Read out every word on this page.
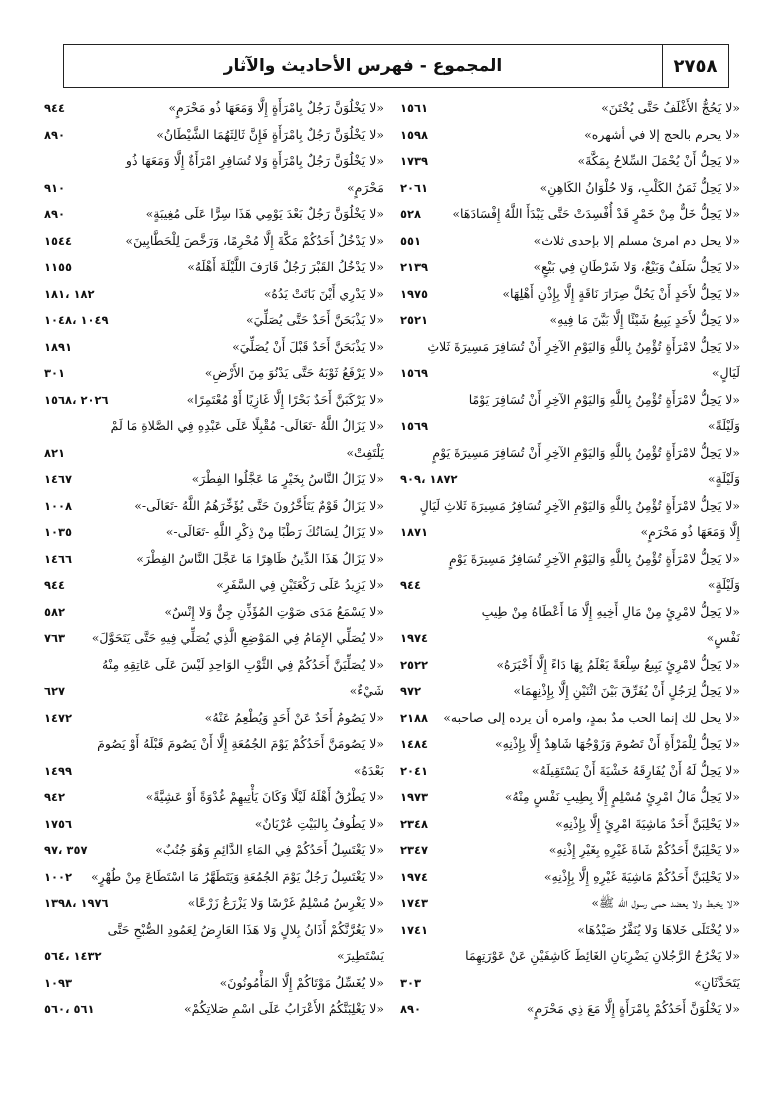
٢٧٥٨
المجموع - فهرس الأحاديث والآثار
«لا يَحُجُّ الأَغْلَفُ حَتَّى يُخْتَنَ»
١٥٦١
«لا يحرم بالحج إلا في أشهره»
١٥٩٨
«لا يَحِلُّ أَنْ يُحْمَلَ السِّلاحُ بِمَكَّةَ»
١٧٣٩
«لا يَحِلُّ ثَمَنُ الكَلْبِ، وَلا حُلْوَانُ الكَاهِنِ»
٢٠٦١
«لا يَحِلُّ خَلٌّ مِنْ خَمْرٍ قَدْ أُفْسِدَتْ حَتَّى يَبْدَأَ اللَّهُ إِفْسَادَهَا»
٥٢٨
«لا يحل دم امرئ مسلم إلا بإحدى ثلاث»
٥٥١
«لا يَحِلُّ سَلَفٌ وَبَيْعٌ، وَلا شَرْطَانِ فِي بَيْعٍ»
٢١٣٩
«لا يَحِلُّ لأَحَدٍ أَنْ يَحُلَّ صِرَارَ نَاقَةٍ إِلَّا بِإِذْنِ أَهْلِهَا»
١٩٧٥
«لا يَحِلُّ لأَحَدٍ يَبِيعُ شَيْئًا إِلَّا بَيَّنَ مَا فِيهِ»
٢٥٢١
«لا يَحِلُّ لامْرَأَةٍ تُؤْمِنُ بِاللَّهِ وَاليَوْمِ الآخِرِ أَنْ تُسَافِرَ مَسِيرَةَ ثَلاثِ
لَيَالٍ»
١٥٦٩
«لا يَحِلُّ لامْرَأَةٍ تُؤْمِنُ بِاللَّهِ وَاليَوْمِ الآخِرِ أَنْ تُسَافِرَ يَوْمًا
وَلَيْلَةً»
١٥٦٩
«لا يَحِلُّ لامْرَأَةٍ تُؤْمِنُ بِاللَّهِ وَاليَوْمِ الآخِرِ أَنْ تُسَافِرَ مَسِيرَةَ يَوْمٍ
وَلَيْلَةٍ»
١٨٧٢ ،٩٠٩
«لا يَحِلُّ لامْرَأَةٍ تُؤْمِنُ بِاللَّهِ وَاليَوْمِ الآخِرِ تُسَافِرُ مَسِيرَةَ ثَلاثِ لَيَالٍ
إِلَّا وَمَعَهَا ذُو مَحْرَمٍ»
١٨٧١
«لا يَحِلُّ لامْرَأَةٍ تُؤْمِنُ بِاللَّهِ وَاليَوْمِ الآخِرِ تُسَافِرُ مَسِيرَةَ يَوْمٍ
وَلَيْلَةٍ»
٩٤٤
«لا يَحِلُّ لامْرِئٍ مِنْ مَالِ أَخِيهِ إِلَّا مَا أَعْطَاهُ مِنْ طِيبِ
نَفْسٍ»
١٩٧٤
«لا يَحِلُّ لامْرِئٍ يَبِيعُ سِلْعَةً يَعْلَمُ بِهَا دَاءً إِلَّا أَخْبَرَهُ»
٢٥٢٢
«لا يَحِلُّ لِرَجُلٍ أَنْ يُفَرِّقَ بَيْنَ اثْنَيْنِ إِلَّا بِإِذْنِهِمَا»
٩٧٢
«لا يحل لك إنما الحب مدٌ بمدٍ، وامره أن يرده إلى صاحبه»
٢١٨٨
«لا يَحِلُّ لِلْمَرْأَةِ أَنْ تَصُومَ وَزَوْجُهَا شَاهِدٌ إِلَّا بِإِذْنِهِ»
١٤٨٤
«لا يَحِلُّ لَهُ أَنْ يُفَارِقَهُ خَشْيَةَ أَنْ يَسْتَقِيلَهُ»
٢٠٤١
«لا يَحِلُّ مَالُ امْرِئٍ مُسْلِمٍ إِلَّا بِطِيبِ نَفْسٍ مِنْهُ»
١٩٧٣
«لا يَحْلِبَنَّ أَحَدٌ مَاشِيَةَ امْرِئٍ إِلَّا بِإِذْنِهِ»
٢٣٤٨
«لا يَحْلِبَنَّ أَحَدُكُمْ شَاةَ غَيْرِهِ بِغَيْرِ إِذْنِهِ»
٢٣٤٧
«لا يَحْلِبَنَّ أَحَدُكُمْ مَاشِيَةَ غَيْرِهِ إِلَّا بِإِذْنِهِ»
١٩٧٤
«لا يخبط ولا يعضد حمى رسول الله ﷺ»
١٧٤٣
«لا يُخْتَلَى خَلاهَا وَلا يُنَفَّرُ صَيْدُهَا»
١٧٤١
«لا يَخْرُجُ الرَّجُلانِ يَضْرِبَانِ الغَائِطَ كَاشِفَيْنِ عَنْ عَوْرَتِهِمَا
يَتَحَدَّثَانِ»
٣٠٣
«لا يَخْلُوَنَّ أَحَدُكُمْ بِامْرَأَةٍ إِلَّا مَعَ ذِي مَحْرَمٍ»
٨٩٠
«لا يَخْلُوَنَّ رَجُلٌ بِامْرَأَةٍ إِلَّا وَمَعَهَا ذُو مَحْرَمٍ»
٩٤٤
«لا يَخْلُوَنَّ رَجُلٌ بِامْرَأَةٍ فَإِنَّ ثَالِثَهُمَا الشَّيْطَانُ»
٨٩٠
«لا يَخْلُوَنَّ رَجُلٌ بِامْرَأَةٍ وَلا تُسَافِرِ امْرَأَةٌ إِلَّا وَمَعَهَا ذُو
مَحْرَمٍ»
٩١٠
«لا يَخْلُوَنَّ رَجُلٌ بَعْدَ يَوْمِي هَذَا سِرًّا عَلَى مُغِيبَةٍ»
٨٩٠
«لا يَدْخُلُ أَحَدُكُمْ مَكَّةَ إِلَّا مُحْرِمًا، وَرَخَّصَ لِلْحَطَّابِينَ»
١٥٤٤
«لا يَدْخُلُ القَبْرَ رَجُلٌ قَارَفَ اللَّيْلَةَ أَهْلَهُ»
١١٥٥
«لا يَدْرِي أَيْنَ بَاتَتْ يَدُهُ»
١٨٢ ،١٨١
«لا يَذْبَحَنَّ أَحَدٌ حَتَّى يُصَلِّيَ»
١٠٤٩ ،١٠٤٨
«لا يَذْبَحَنَّ أَحَدٌ قَبْلَ أَنْ يُصَلِّيَ»
١٨٩١
«لا يَرْفَعُ ثَوْبَهُ حَتَّى يَدْنُوَ مِنَ الأَرْضِ»
٣٠١
«لا يَرْكَبَنَّ أَحَدٌ بَحْرًا إِلَّا غَازِيًا أَوْ مُعْتَمِرًا»
٢٠٢٦ ،١٥٦٨
«لا يَزَالُ اللَّهُ -تَعَالَى- مُقْبِلًا عَلَى عَبْدِهِ فِي الصَّلاةِ مَا لَمْ
يَلْتَفِتْ»
٨٢١
«لا يَزَالُ النَّاسُ بِخَيْرٍ مَا عَجَّلُوا الفِطْرَ»
١٤٦٧
«لا يَزَالُ قَوْمٌ يَتَأَخَّرُونَ حَتَّى يُؤَخِّرَهُمُ اللَّهُ -تَعَالَى-»
١٠٠٨
«لا يَزَالُ لِسَانُكَ رَطْبًا مِنْ ذِكْرِ اللَّهِ -تَعَالَى-»
١٠٣٥
«لا يَزَالُ هَذَا الدِّينُ ظَاهِرًا مَا عَجَّلَ النَّاسُ الفِطْرَ»
١٤٦٦
«لا يَزِيدُ عَلَى رَكْعَتَيْنِ فِي السَّفَرِ»
٩٤٤
«لا يَسْمَعُ مَدَى صَوْتِ المُؤَذِّنِ جِنٌّ وَلا إِنْسٌ»
٥٨٢
«لا يُصَلِّي الإِمَامُ فِي المَوْضِعِ الَّذِي يُصَلِّي فِيهِ حَتَّى يَتَحَوَّلَ»
٧٦٣
«لا يُصَلِّيَنَّ أَحَدُكُمْ فِي الثَّوْبِ الوَاحِدِ لَيْسَ عَلَى عَاتِقِهِ مِنْهُ
شَيْءٌ»
٦٢٧
«لا يَصُومُ أَحَدٌ عَنْ أَحَدٍ وَيُطْعِمُ عَنْهُ»
١٤٧٢
«لا يَصُومَنَّ أَحَدُكُمْ يَوْمَ الجُمُعَةِ إِلَّا أَنْ يَصُومَ قَبْلَهُ أَوْ يَصُومَ
بَعْدَهُ»
١٤٩٩
«لا يَطْرُقُ أَهْلَهُ لَيْلًا وَكَانَ يَأْتِيهِمْ غُدْوَةً أَوْ عَشِيَّةً»
٩٤٢
«لا يَطُوفُ بِالبَيْتِ عُرْيَانٌ»
١٧٥٦
«لا يَغْتَسِلُ أَحَدُكُمْ فِي المَاءِ الدَّائِمِ وَهُوَ جُنُبٌ»
٣٥٧ ،٩٧
«لا يَغْتَسِلُ رَجُلٌ يَوْمَ الجُمُعَةِ وَيَتَطَهَّرُ مَا اسْتَطَاعَ مِنْ طُهْرٍ»
١٠٠٢
«لا يَغْرِسُ مُسْلِمٌ غَرْسًا وَلا يَزْرَعُ زَرْعًا»
١٩٧٦ ،١٣٩٨
«لا يَغُرَّنَّكُمْ أَذَانُ بِلالٍ وَلا هَذَا العَارِضُ لِعَمُودِ الصُّبْحِ حَتَّى
يَسْتَطِيرَ»
١٤٣٢ ،٥٦٤
«لا يُغَسِّلُ مَوْتَاكُمْ إِلَّا المَأْمُونُونَ»
١٠٩٣
«لا يَغْلِبَنَّكُمُ الأَعْرَابُ عَلَى اسْمِ صَلاتِكُمْ»
٥٦١ ،٥٦٠
